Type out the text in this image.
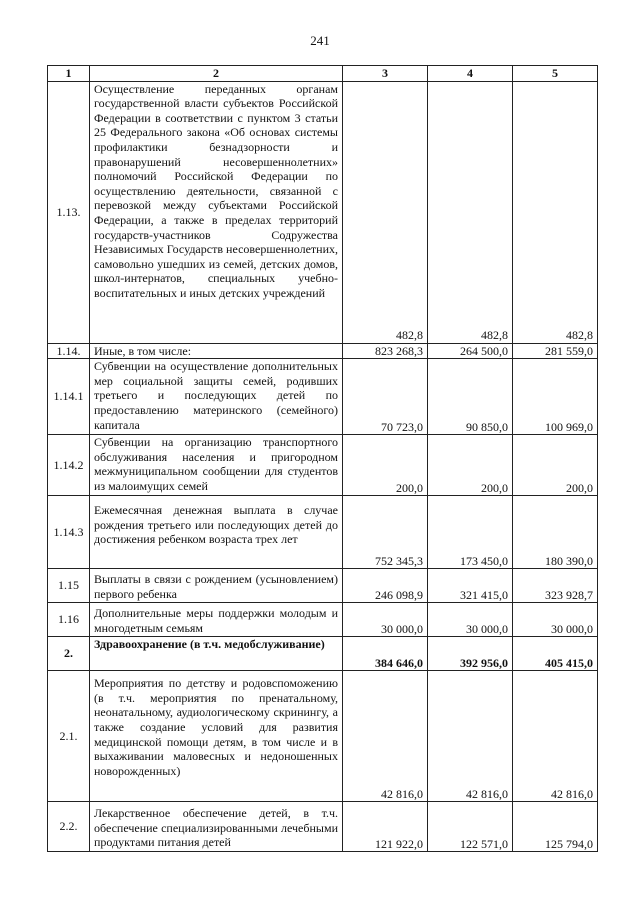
241
1	2	3	4	5
1.13.	Осуществление переданных органам государственной власти субъектов Российской Федерации в соответствии с пунктом 3 статьи 25 Федерального закона «Об основах системы профилактики безнадзорности и правонарушений несовершеннолетних» полномочий Российской Федерации по осуществлению деятельности, связанной с перевозкой между субъектами Российской Федерации, а также в пределах территорий государств-участников Содружества Независимых Государств несовершеннолетних, самовольно ушедших из семей, детских домов, школ-интернатов, специальных учебно-воспитательных и иных детских учреждений	482,8	482,8	482,8
1.14.	Иные, в том числе:	823 268,3	264 500,0	281 559,0
1.14.1	Субвенции на осуществление дополнительных мер социальной защиты семей, родивших третьего и последующих детей по предоставлению материнского (семейного) капитала	70 723,0	90 850,0	100 969,0
1.14.2	Субвенции на организацию транспортного обслуживания населения и пригородном межмуниципальном сообщении для студентов из малоимущих семей	200,0	200,0	200,0
1.14.3	Ежемесячная денежная выплата в случае рождения третьего или последующих детей до достижения ребенком возраста трех лет	752 345,3	173 450,0	180 390,0
1.15	Выплаты в связи с рождением (усыновлением) первого ребенка	246 098,9	321 415,0	323 928,7
1.16	Дополнительные меры поддержки молодым и многодетным семьям	30 000,0	30 000,0	30 000,0
2.	Здравоохранение (в т.ч. медобслуживание)	384 646,0	392 956,0	405 415,0
2.1.	Мероприятия по детству и родовспоможению (в т.ч. мероприятия по пренатальному, неонатальному, аудиологическому скринингу, а также создание условий для развития медицинской помощи детям, в том числе и в выхаживании маловесных и недоношенных новорожденных)	42 816,0	42 816,0	42 816,0
2.2.	Лекарственное обеспечение детей, в т.ч. обеспечение специализированными лечебными продуктами питания детей	121 922,0	122 571,0	125 794,0
